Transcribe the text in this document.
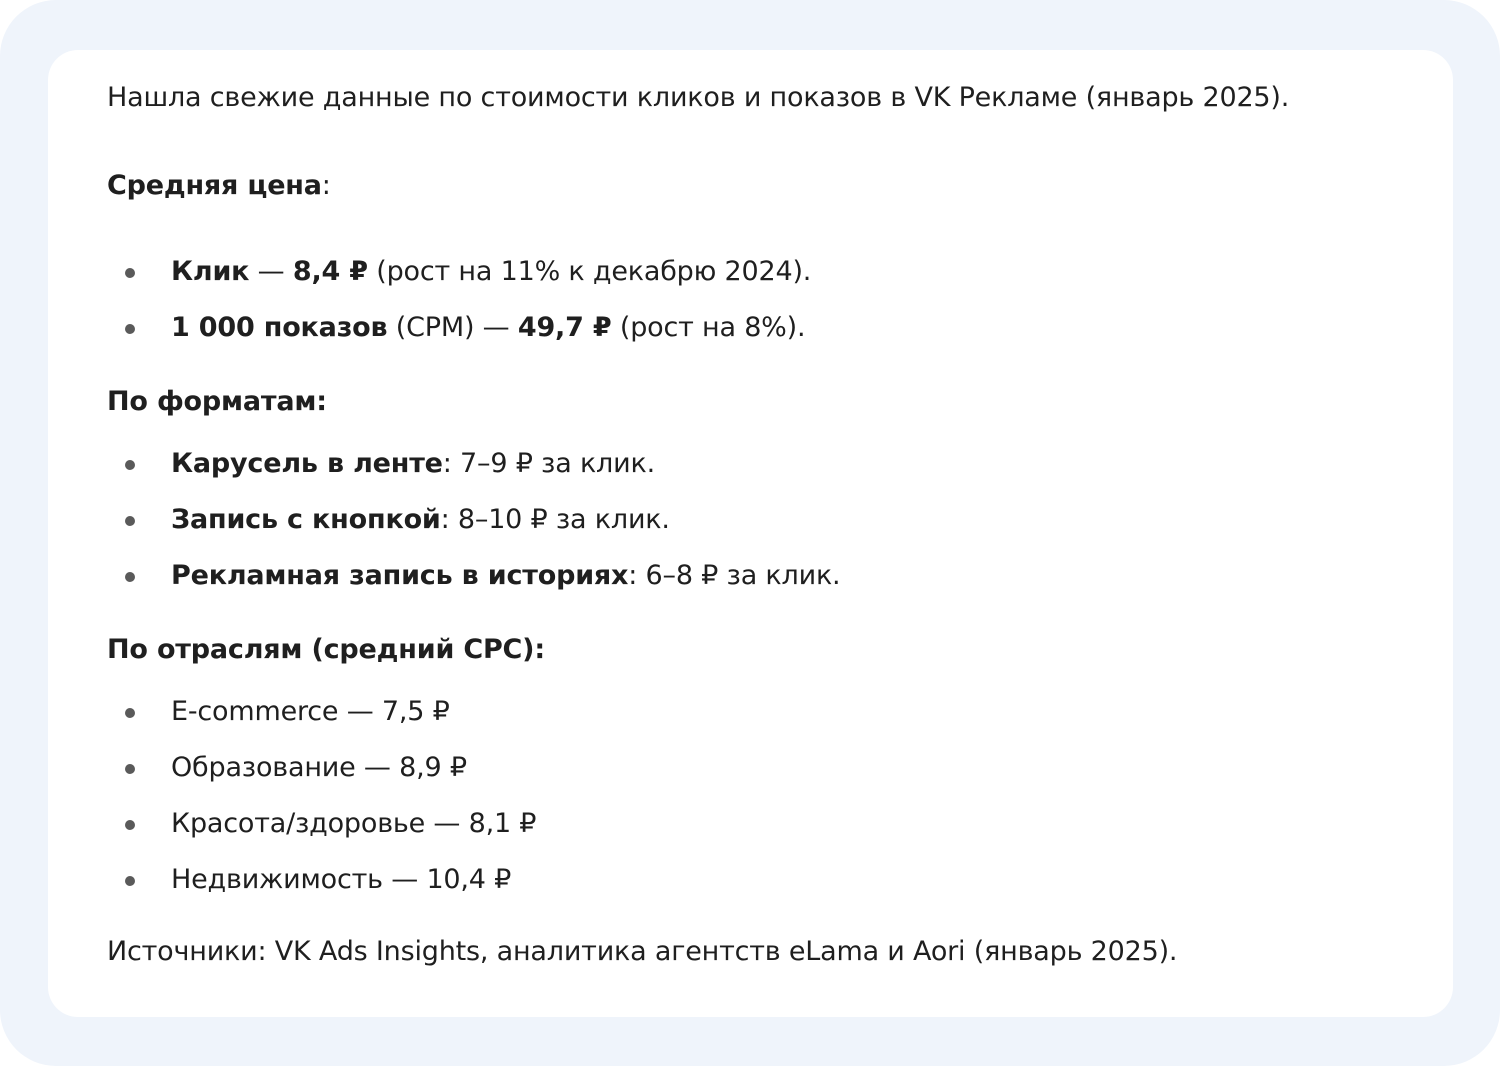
Нашла свежие данные по стоимости кликов и показов в VK Рекламе (январь 2025).

Средняя цена:

Клик — 8,4 ₽ (рост на 11% к декабрю 2024).
1 000 показов (CPM) — 49,7 ₽ (рост на 8%).

По форматам:

Карусель в ленте: 7–9 ₽ за клик.
Запись с кнопкой: 8–10 ₽ за клик.
Рекламная запись в историях: 6–8 ₽ за клик.

По отраслям (средний CPC):

E-commerce — 7,5 ₽
Образование — 8,9 ₽
Красота/здоровье — 8,1 ₽
Недвижимость — 10,4 ₽

Источники: VK Ads Insights, аналитика агентств eLama и Aori (январь 2025).
